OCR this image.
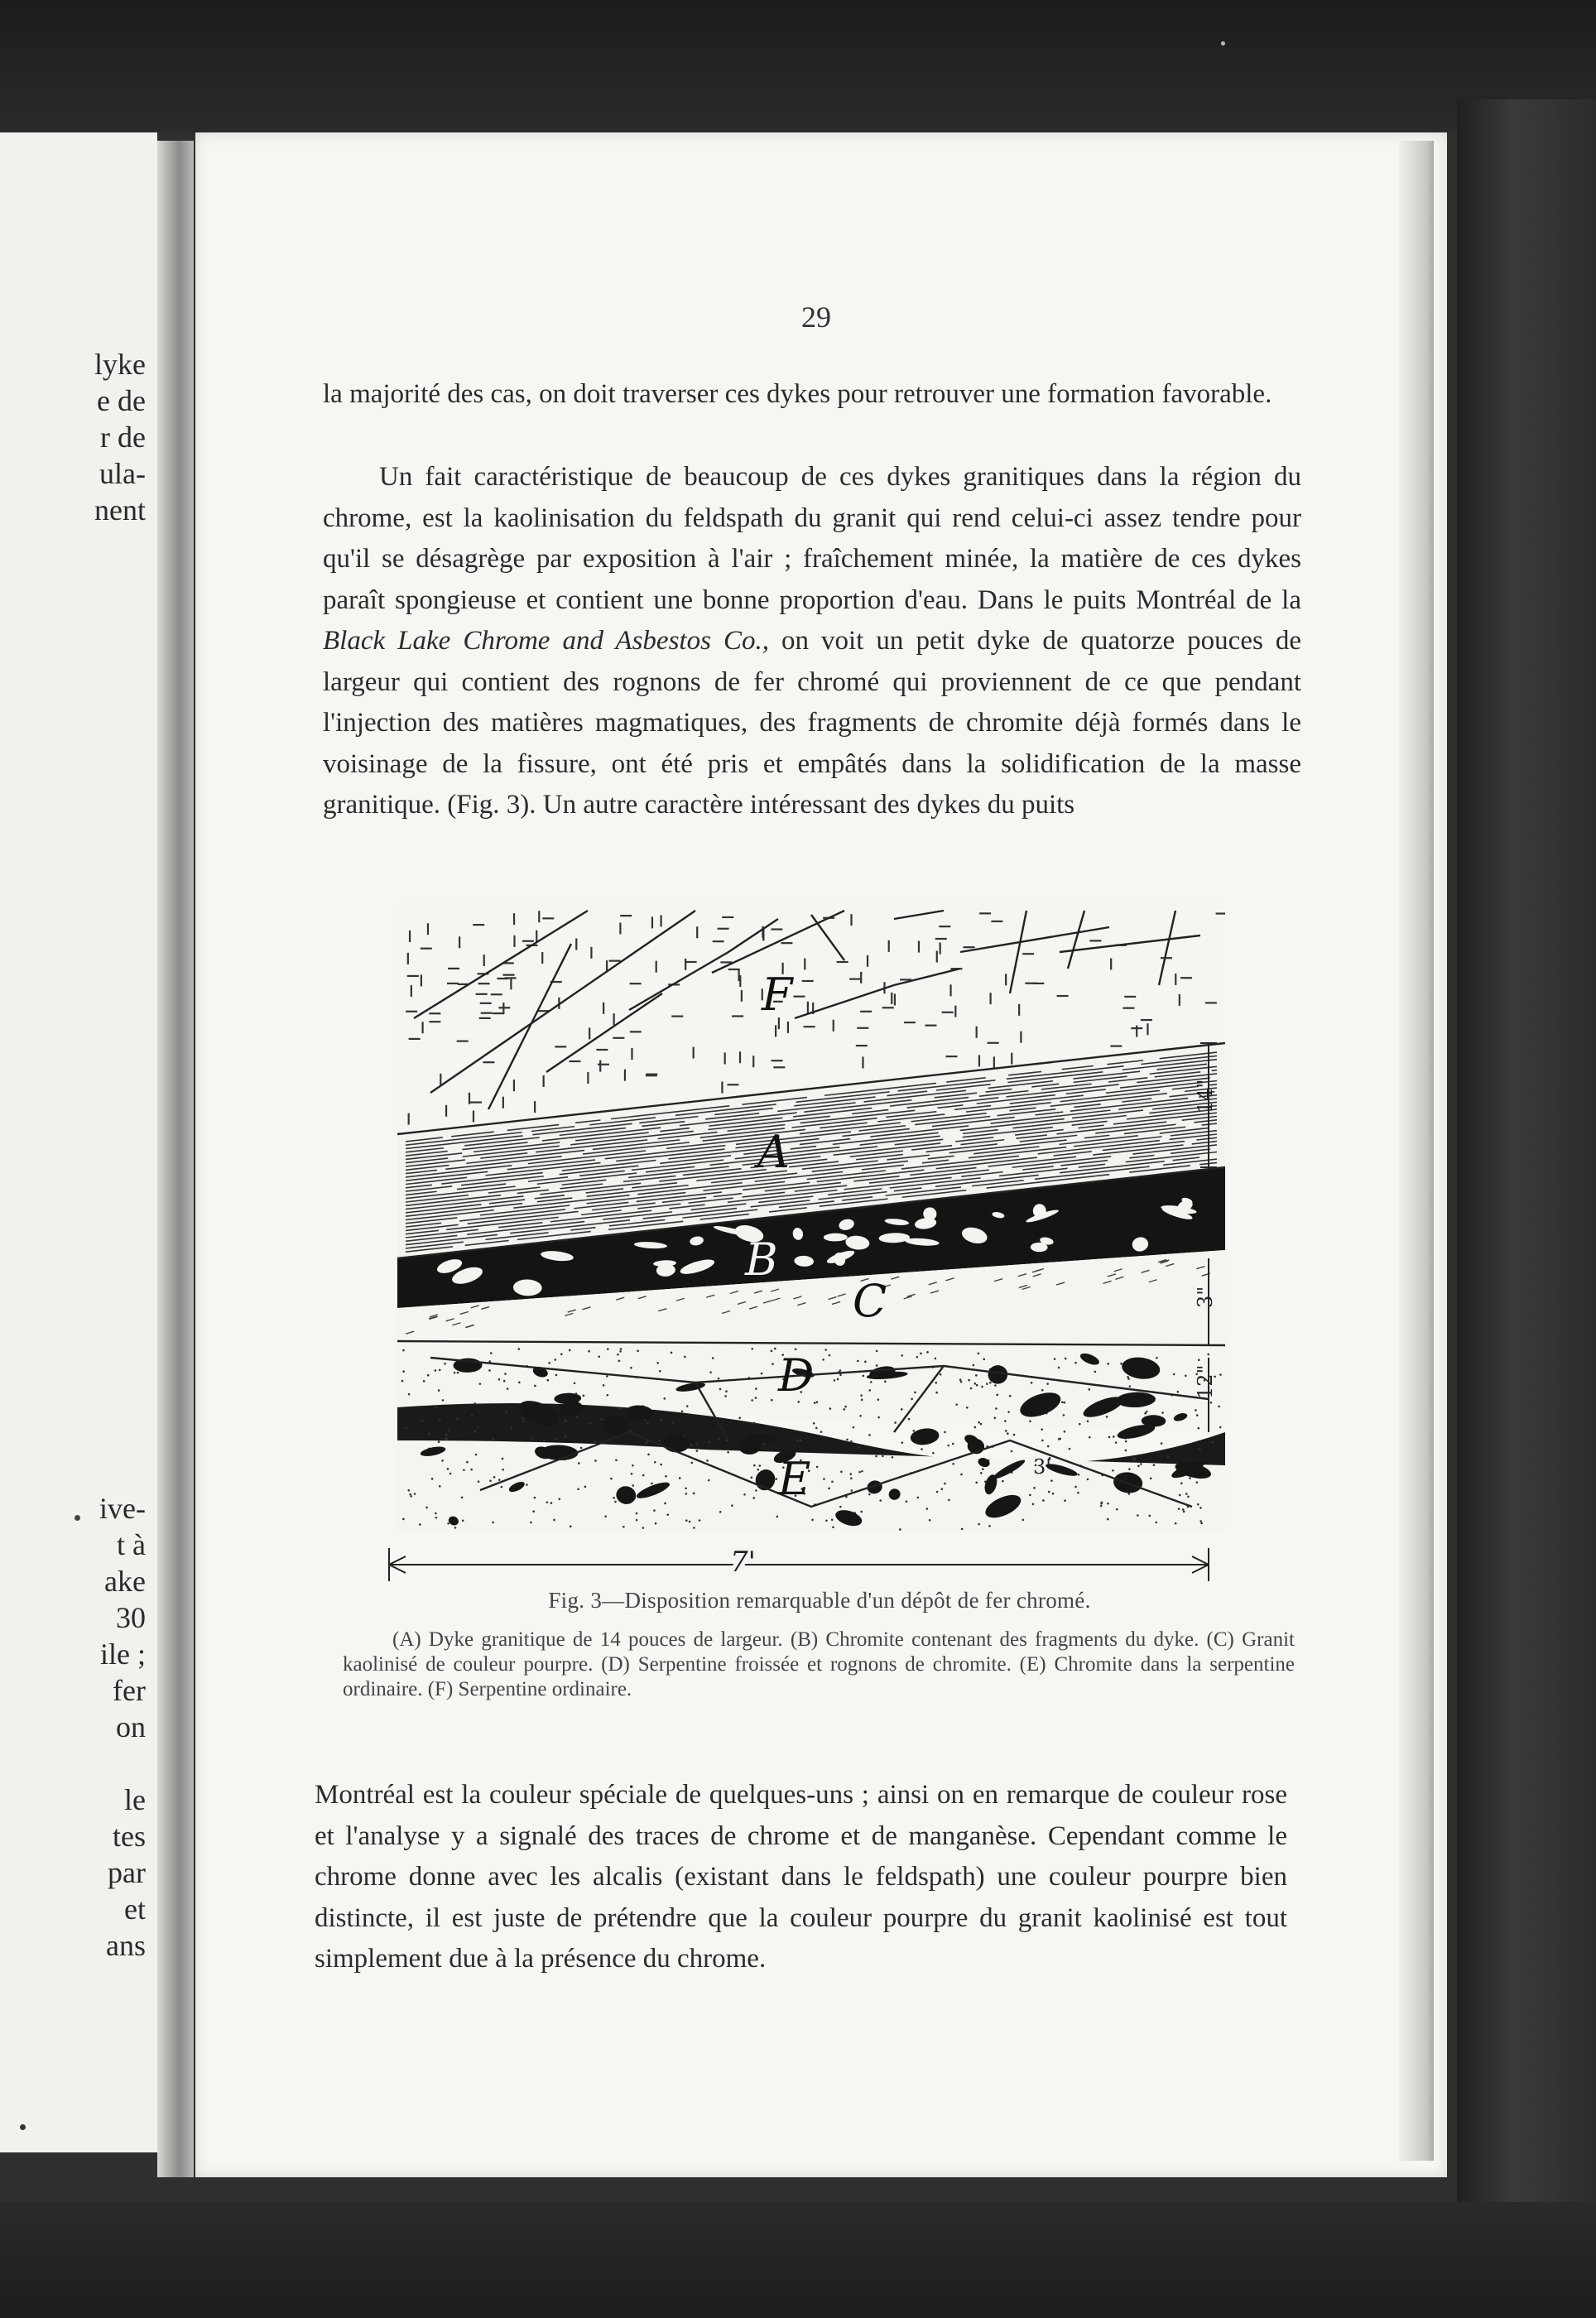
lyke
e de
r de
ula-
nent
ive-
t à
ake
30
ile ;
fer
on
le
tes
par
et
ans
29

la majorité des cas, on doit traverser ces dykes pour retrouver une formation favorable.

Un fait caractéristique de beaucoup de ces dykes granitiques dans la région du chrome, est la kaolinisation du feldspath du granit qui rend celui-ci assez tendre pour qu'il se désagrège par exposition à l'air ; fraîchement minée, la matière de ces dykes paraît spongieuse et contient une bonne proportion d'eau. Dans le puits Montréal de la Black Lake Chrome and Asbestos Co., on voit un petit dyke de quatorze pouces de largeur qui contient des rognons de fer chromé qui proviennent de ce que pendant l'injection des matières magmatiques, des fragments de chromite déjà formés dans le voisinage de la fissure, ont été pris et empâtés dans la solidification de la masse granitique. (Fig. 3). Un autre caractère intéressant des dykes du puits

F
A
B
C
D
E
14"
3"
12"
3'
7'
Fig. 3—Disposition remarquable d'un dépôt de fer chromé.

(A) Dyke granitique de 14 pouces de largeur. (B) Chromite contenant des fragments du dyke. (C) Granit kaolinisé de couleur pourpre. (D) Serpentine froissée et rognons de chromite. (E) Chromite dans la serpentine ordinaire. (F) Serpentine ordinaire.

Montréal est la couleur spéciale de quelques-uns ; ainsi on en remarque de couleur rose et l'analyse y a signalé des traces de chrome et de manganèse. Cependant comme le chrome donne avec les alcalis (existant dans le feldspath) une couleur pourpre bien distincte, il est juste de prétendre que la couleur pourpre du granit kaolinisé est tout simplement due à la présence du chrome.
